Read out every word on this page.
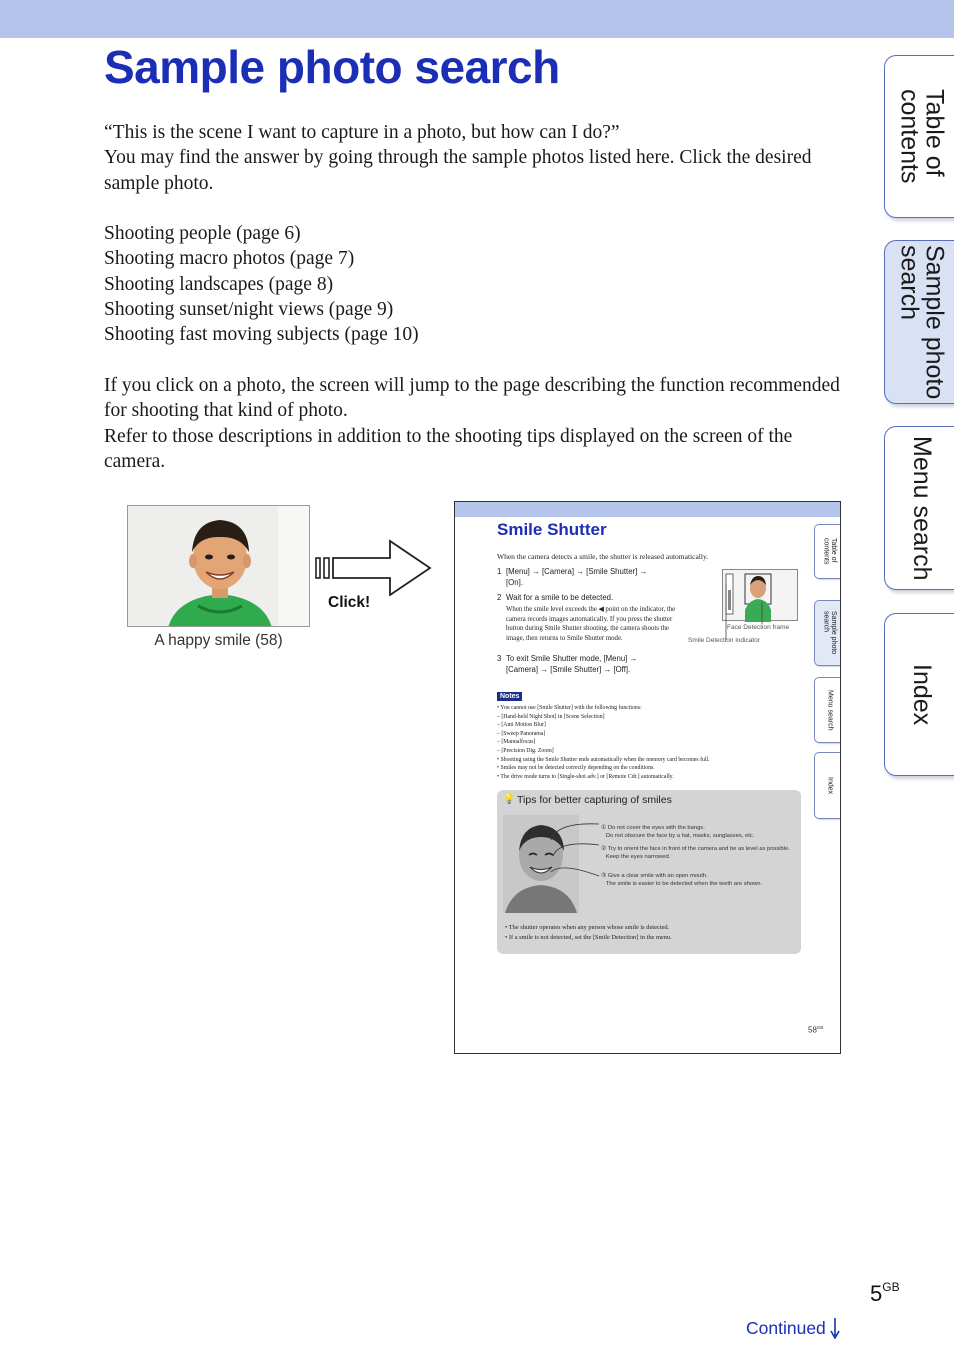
Sample photo search

“This is the scene I want to capture in a photo, but how can I do?”

You may find the answer by going through the sample photos listed here. Click the desired sample photo.

Shooting people (page 6)

Shooting macro photos (page 7)

Shooting landscapes (page 8)

Shooting sunset/night views (page 9)

Shooting fast moving subjects (page 10)

If you click on a photo, the screen will jump to the page describing the function recommended for shooting that kind of photo.

Refer to those descriptions in addition to the shooting tips displayed on the screen of the camera.

Table of
contents
Sample photo
search
Menu search
Index
A happy smile (58)
Click!
Smile Shutter
When the camera detects a smile, the shutter is released automatically.
1 [Menu] → [Camera] → [Smile Shutter] →
[On].
2 Wait for a smile to be detected.
When the smile level exceeds the ◀ point on the indicator, the camera records images automatically. If you press the shutter button during Smile Shutter shooting, the camera shoots the image, then returns to Smile Shutter mode.
3 To exit Smile Shutter mode, [Menu] →
[Camera] → [Smile Shutter] → [Off].
Face Detection frame
Smile Detection indicator
Notes
• You cannot use [Smile Shutter] with the following functions:
– [Hand-held Night Shot] in [Scene Selection]
– [Anti Motion Blur]
– [Sweep Panorama]
– [Manualfocus]
– [Precision Dig. Zoom]
• Shooting using the Smile Shutter ends automatically when the memory card becomes full.
• Smiles may not be detected correctly depending on the conditions.
• The drive mode turns to [Single-shot adv.] or [Remote Cdr.] automatically.
💡 Tips for better capturing of smiles
① Do not cover the eyes with the bangs.
Do not obscure the face by a hat, masks, sunglasses, etc.
② Try to orient the face in front of the camera and be as level as possible.
Keep the eyes narrowed.
③ Give a clear smile with an open mouth.
The smile is easier to be detected when the teeth are shown.
• The shutter operates when any person whose smile is detected.
• If a smile is not detected, set the [Smile Detection] in the menu.
$58^{GB}$
Table of
contents
Sample photo
search
Menu search
Index
$5^{GB}$
Continued
